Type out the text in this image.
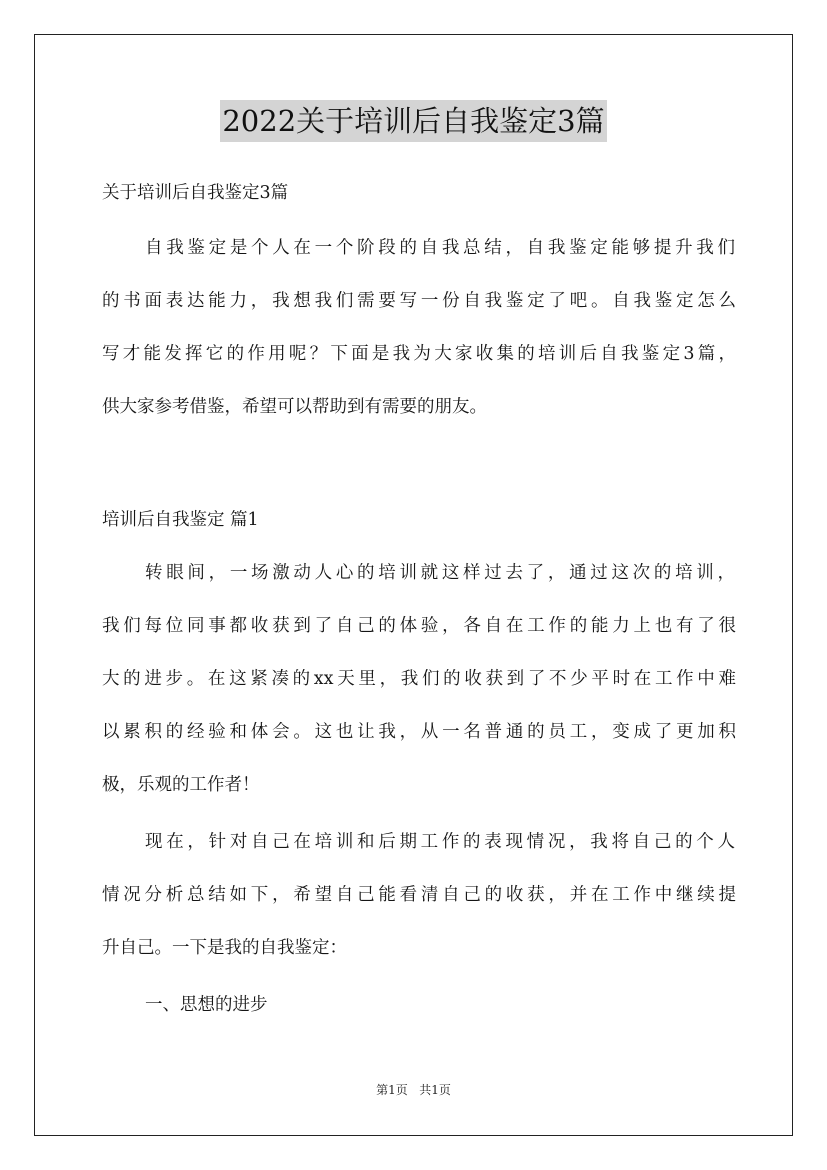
2022关于培训后自我鉴定3篇
关于培训后自我鉴定3篇
自我鉴定是个人在一个阶段的自我总结，自我鉴定能够提升我们
的书面表达能力，我想我们需要写一份自我鉴定了吧。自我鉴定怎么
写才能发挥它的作用呢？下面是我为大家收集的培训后自我鉴定3篇，
供大家参考借鉴，希望可以帮助到有需要的朋友。
培训后自我鉴定 篇1
转眼间，一场激动人心的培训就这样过去了，通过这次的培训，
我们每位同事都收获到了自己的体验，各自在工作的能力上也有了很
大的进步。在这紧凑的xx天里，我们的收获到了不少平时在工作中难
以累积的经验和体会。这也让我，从一名普通的员工，变成了更加积
极，乐观的工作者！
现在，针对自己在培训和后期工作的表现情况，我将自己的个人
情况分析总结如下，希望自己能看清自己的收获，并在工作中继续提
升自己。一下是我的自我鉴定：
一、思想的进步
第1页 共1页
